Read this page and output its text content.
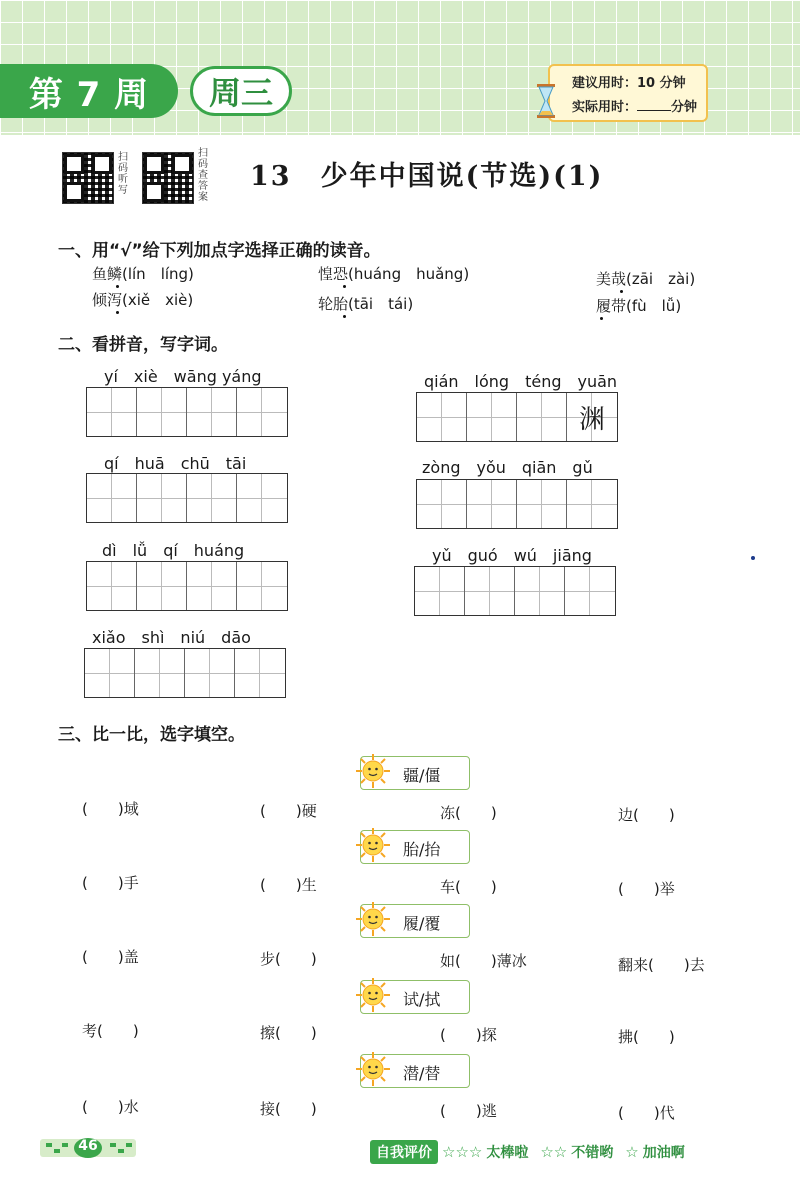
第 7 周	周三	建议用时：10 分钟
实际用时：	分钟
扫码听写
扫码查答案
13　少年中国说(节选)(1)
一、用“√”给下列加点字选择正确的读音。
鱼鳞(lín　líng)	惶恐(huáng　huǎng)	美哉(zāi　zài)
倾泻(xiě　xiè)	轮胎(tāi　tái)	履带(fù　lǚ)
二、看拼音，写字词。
yí　xiè　wāng yáng	qián　lóng　téng　yuān
渊
qí　huā　chū　tāi	zòng　yǒu　qiān　gǔ
dì　lǚ　qí　huáng	yǔ　guó　wú　jiāng
xiǎo　shì　niú　dāo
三、比一比，选字填空。
疆/僵
(　　)域	(　　)硬	冻(　　)	边(　　)
胎/抬
(　　)手	(　　)生	车(　　)	(　　)举
履/覆
(　　)盖	步(　　)	如(　　)薄冰	翻来(　　)去
试/拭
考(　　)	擦(　　)	(　　)探	拂(　　)
潜/替
(　　)水	接(　　)	(　　)逃	(　　)代
46	自我评价 ☆☆☆ 太棒啦 ☆☆ 不错哟 ☆ 加油啊
